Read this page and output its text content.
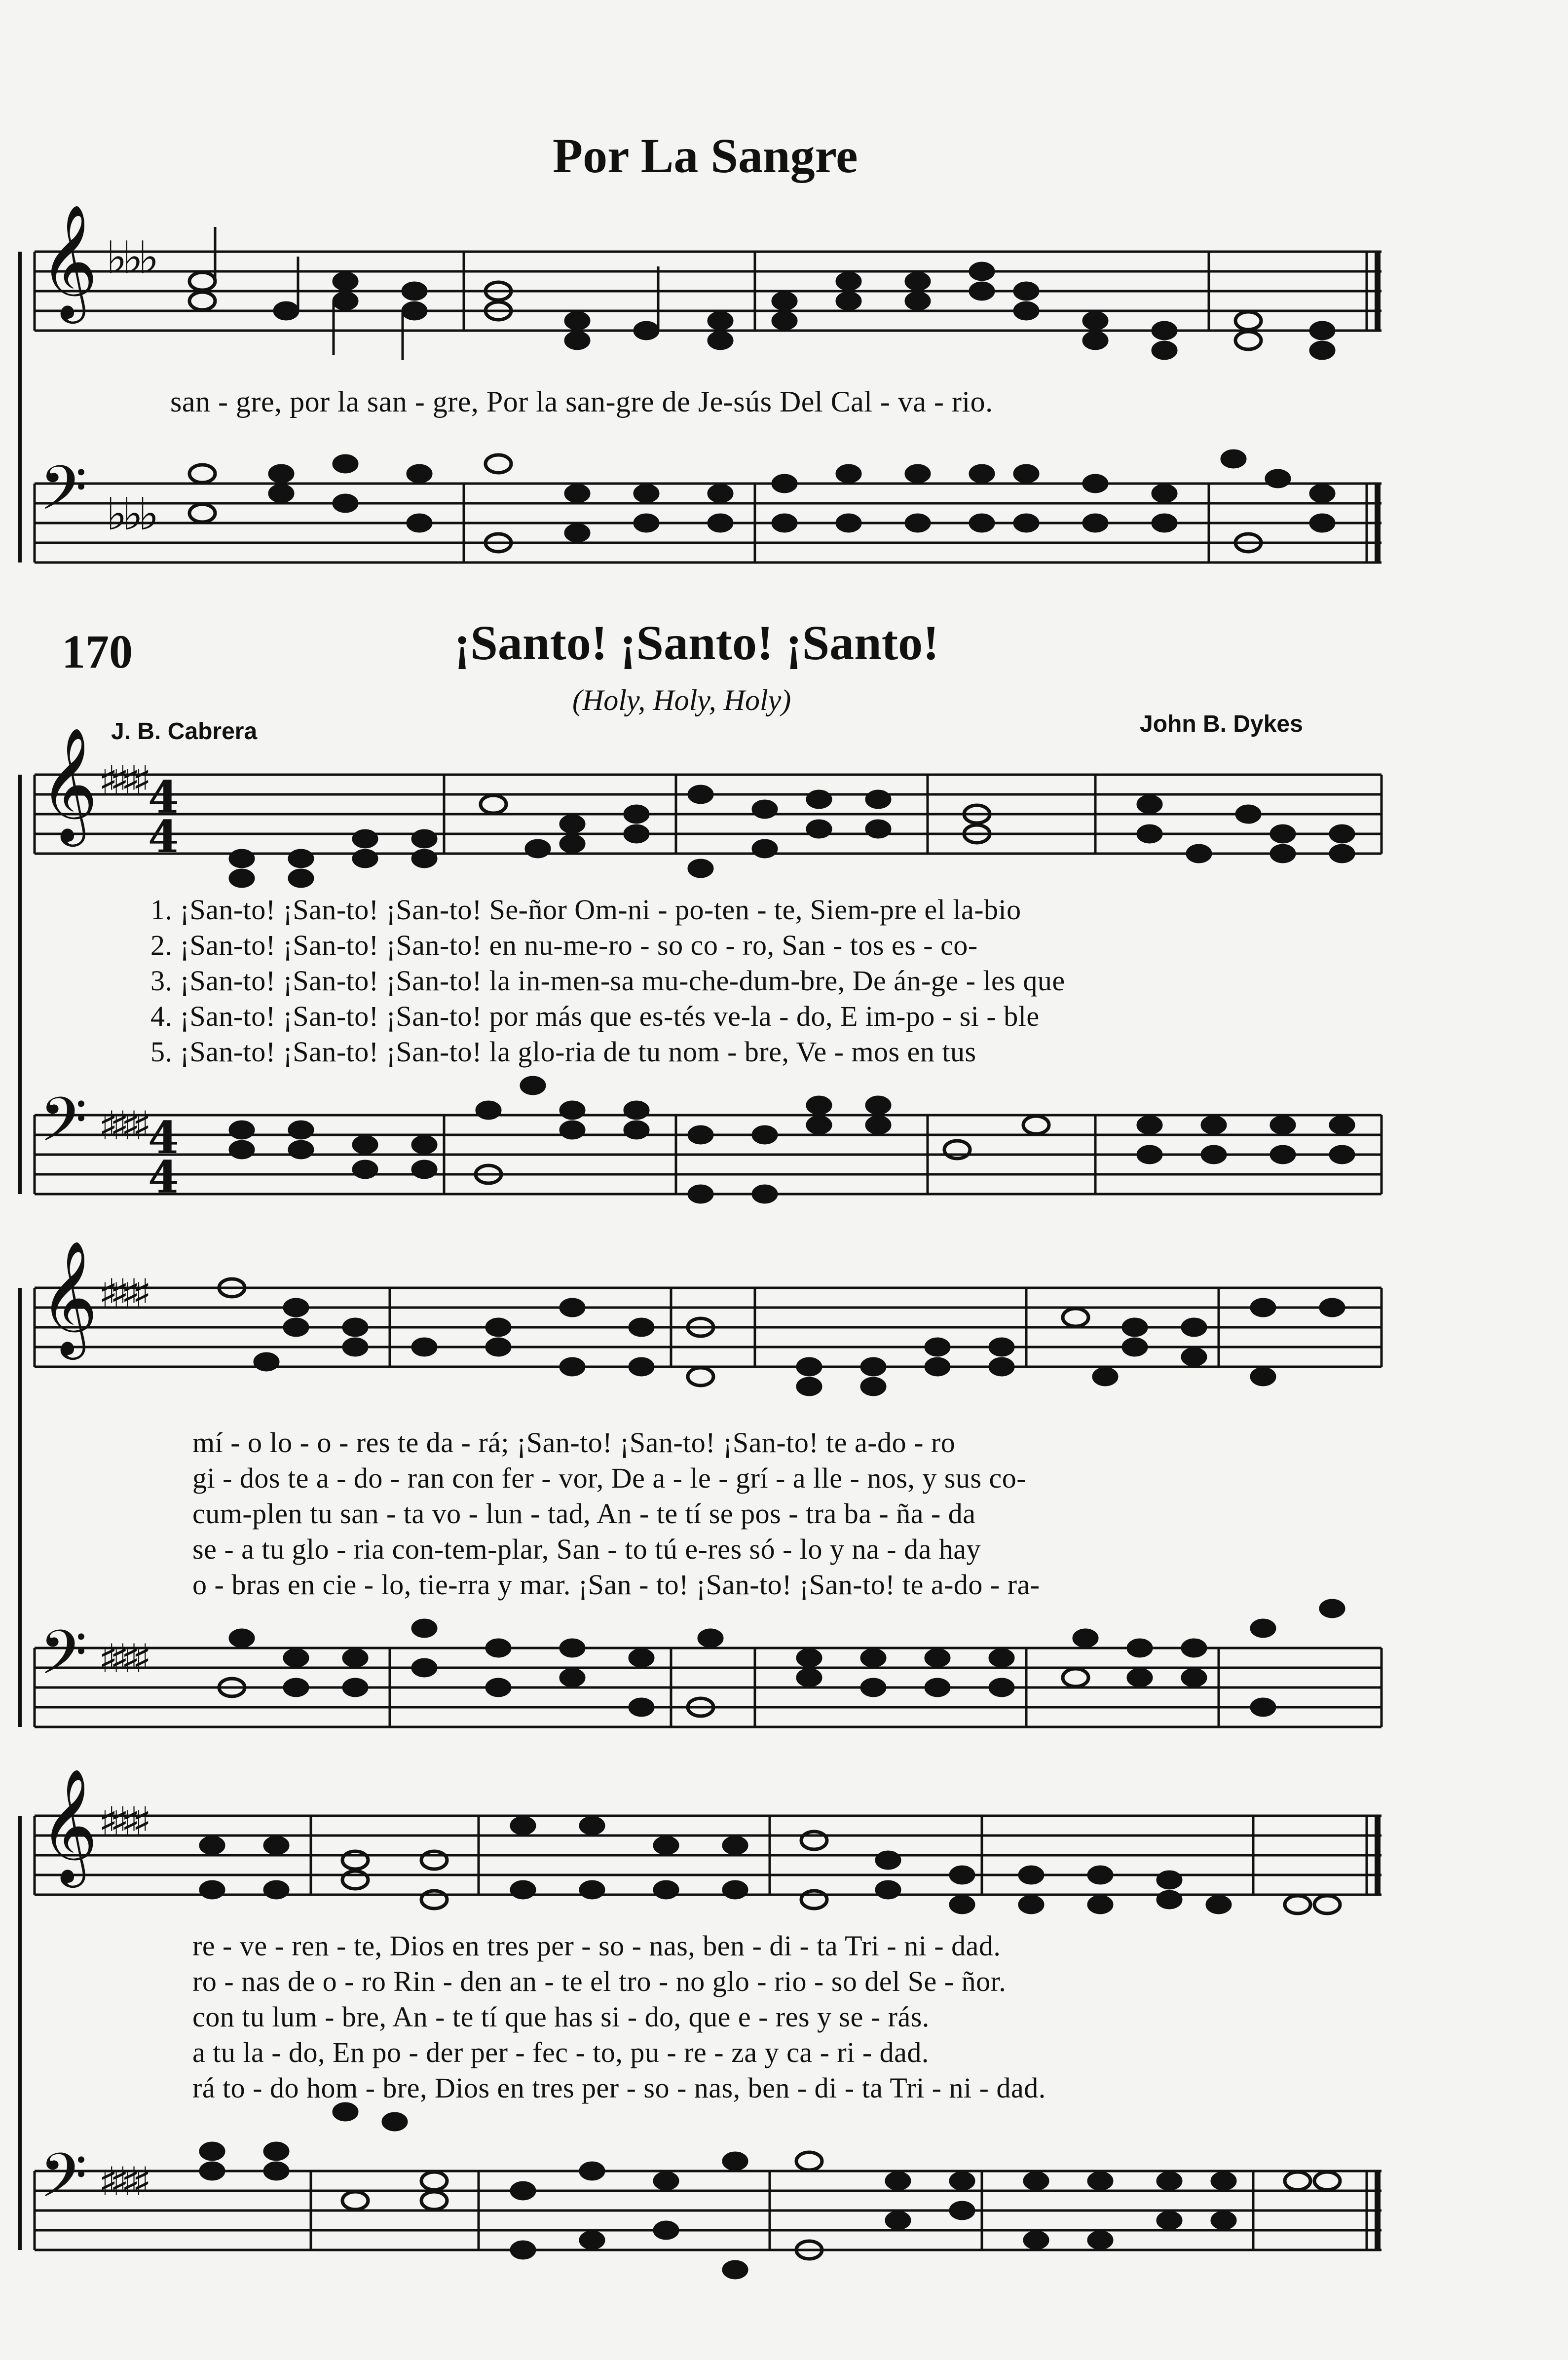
Por La Sangre
4
4
4
4
𝄞
𝄢
𝄞
𝄢
𝄞
𝄢
𝄞
𝄢
♭♭♭
♭♭♭
♯♯♯♯
♯♯♯♯
♯♯♯♯
♯♯♯♯
♯♯♯♯
♯♯♯♯
san - gre, por la san - gre, Por la san-gre de Je-sús Del Cal - va - rio.
170	¡Santo! ¡Santo! ¡Santo!
(Holy, Holy, Holy)
J. B. Cabrera	John B. Dykes
1. ¡San-to! ¡San-to! ¡San-to! Se-ñor Om-ni - po-ten - te, Siem-pre el la-bio
2. ¡San-to! ¡San-to! ¡San-to! en nu-me-ro - so co - ro, San - tos es - co-
3. ¡San-to! ¡San-to! ¡San-to! la in-men-sa mu-che-dum-bre, De án-ge - les que
4. ¡San-to! ¡San-to! ¡San-to! por más que es-tés ve-la - do, E im-po - si - ble
5. ¡San-to! ¡San-to! ¡San-to! la glo-ria de tu nom - bre, Ve - mos en tus
mí - o lo - o - res te da - rá; ¡San-to! ¡San-to! ¡San-to! te a-do - ro
gi - dos te a - do - ran con fer - vor, De a - le - grí - a lle - nos, y sus co-
cum-plen tu san - ta vo - lun - tad, An - te tí se pos - tra ba - ña - da
se - a tu glo - ria con-tem-plar, San - to tú e-res só - lo y na - da hay
o - bras en cie - lo, tie-rra y mar. ¡San - to! ¡San-to! ¡San-to! te a-do - ra-
re - ve - ren - te, Dios en tres per - so - nas, ben - di - ta Tri - ni - dad.
ro - nas de o - ro Rin - den an - te el tro - no glo - rio - so del Se - ñor.
con tu lum - bre, An - te tí que has si - do, que e - res y se - rás.
a tu la - do, En po - der per - fec - to, pu - re - za y ca - ri - dad.
rá to - do hom - bre, Dios en tres per - so - nas, ben - di - ta Tri - ni - dad.
